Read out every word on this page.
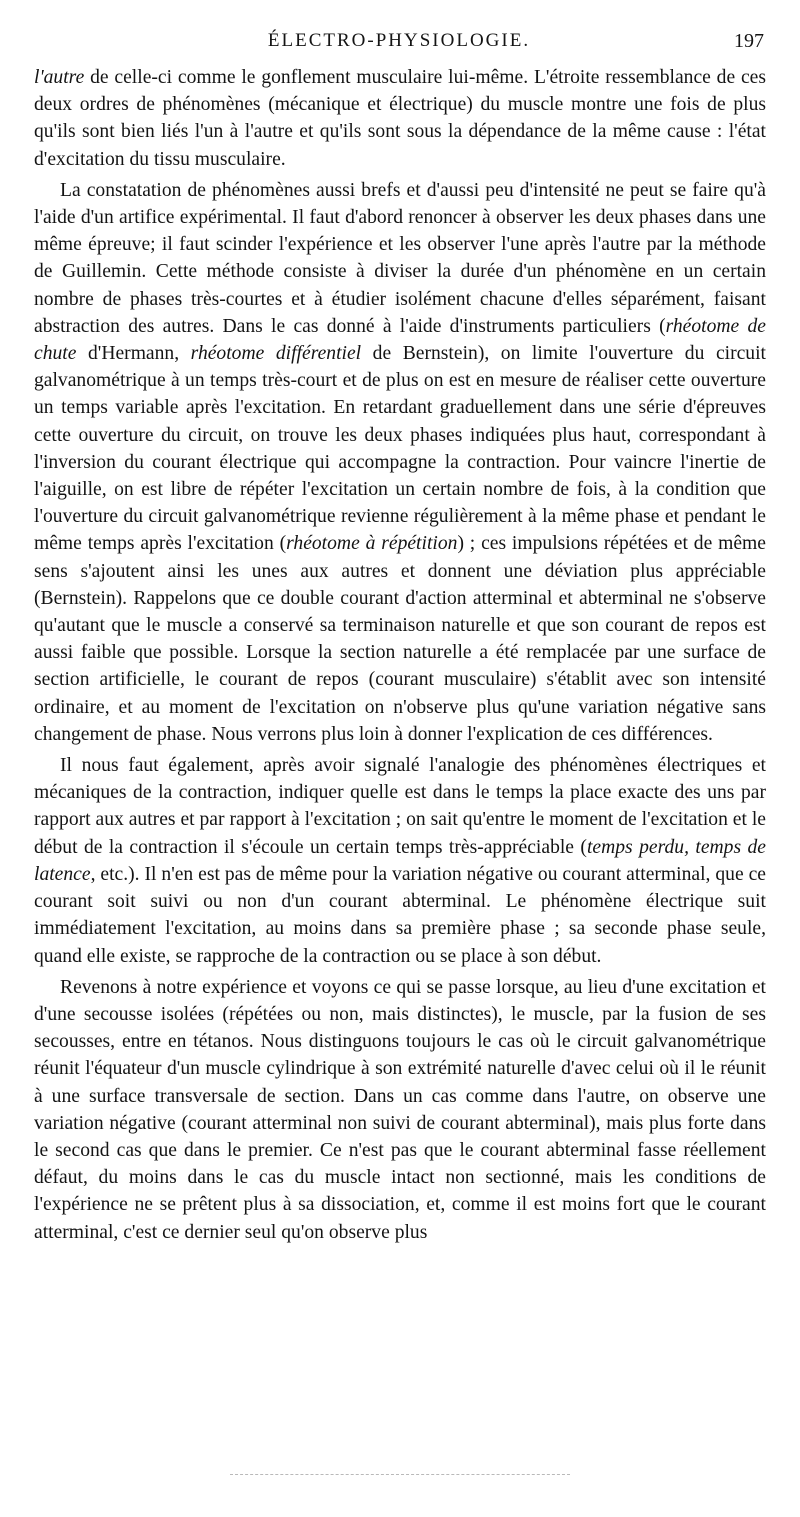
ÉLECTRO-PHYSIOLOGIE.	197

l'autre de celle-ci comme le gonflement musculaire lui-même. L'étroite ressemblance de ces deux ordres de phénomènes (mécanique et électrique) du muscle montre une fois de plus qu'ils sont bien liés l'un à l'autre et qu'ils sont sous la dépendance de la même cause : l'état d'excitation du tissu musculaire.

La constatation de phénomènes aussi brefs et d'aussi peu d'intensité ne peut se faire qu'à l'aide d'un artifice expérimental. Il faut d'abord renoncer à observer les deux phases dans une même épreuve; il faut scinder l'expérience et les observer l'une après l'autre par la méthode de Guillemin. Cette méthode consiste à diviser la durée d'un phénomène en un certain nombre de phases très-courtes et à étudier isolément chacune d'elles séparément, faisant abstraction des autres. Dans le cas donné à l'aide d'instruments particuliers (rhéotome de chute d'Hermann, rhéotome différentiel de Bernstein), on limite l'ouverture du circuit galvanométrique à un temps très-court et de plus on est en mesure de réaliser cette ouverture un temps variable après l'excitation. En retardant graduellement dans une série d'épreuves cette ouverture du circuit, on trouve les deux phases indiquées plus haut, correspondant à l'inversion du courant électrique qui accompagne la contraction. Pour vaincre l'inertie de l'aiguille, on est libre de répéter l'excitation un certain nombre de fois, à la condition que l'ouverture du circuit galvanométrique revienne régulièrement à la même phase et pendant le même temps après l'excitation (rhéotome à répétition) ; ces impulsions répétées et de même sens s'ajoutent ainsi les unes aux autres et donnent une déviation plus appréciable (Bernstein). Rappelons que ce double courant d'action atterminal et abterminal ne s'observe qu'autant que le muscle a conservé sa terminaison naturelle et que son courant de repos est aussi faible que possible. Lorsque la section naturelle a été remplacée par une surface de section artificielle, le courant de repos (courant musculaire) s'établit avec son intensité ordinaire, et au moment de l'excitation on n'observe plus qu'une variation négative sans changement de phase. Nous verrons plus loin à donner l'explication de ces différences.

Il nous faut également, après avoir signalé l'analogie des phénomènes électriques et mécaniques de la contraction, indiquer quelle est dans le temps la place exacte des uns par rapport aux autres et par rapport à l'excitation ; on sait qu'entre le moment de l'excitation et le début de la contraction il s'écoule un certain temps très-appréciable (temps perdu, temps de latence, etc.). Il n'en est pas de même pour la variation négative ou courant atterminal, que ce courant soit suivi ou non d'un courant abterminal. Le phénomène électrique suit immédiatement l'excitation, au moins dans sa première phase ; sa seconde phase seule, quand elle existe, se rapproche de la contraction ou se place à son début.

Revenons à notre expérience et voyons ce qui se passe lorsque, au lieu d'une excitation et d'une secousse isolées (répétées ou non, mais distinctes), le muscle, par la fusion de ses secousses, entre en tétanos. Nous distinguons toujours le cas où le circuit galvanométrique réunit l'équateur d'un muscle cylindrique à son extrémité naturelle d'avec celui où il le réunit à une surface transversale de section. Dans un cas comme dans l'autre, on observe une variation négative (courant atterminal non suivi de courant abterminal), mais plus forte dans le second cas que dans le premier. Ce n'est pas que le courant abterminal fasse réellement défaut, du moins dans le cas du muscle intact non sectionné, mais les conditions de l'expérience ne se prêtent plus à sa dissociation, et, comme il est moins fort que le courant atterminal, c'est ce dernier seul qu'on observe plus
